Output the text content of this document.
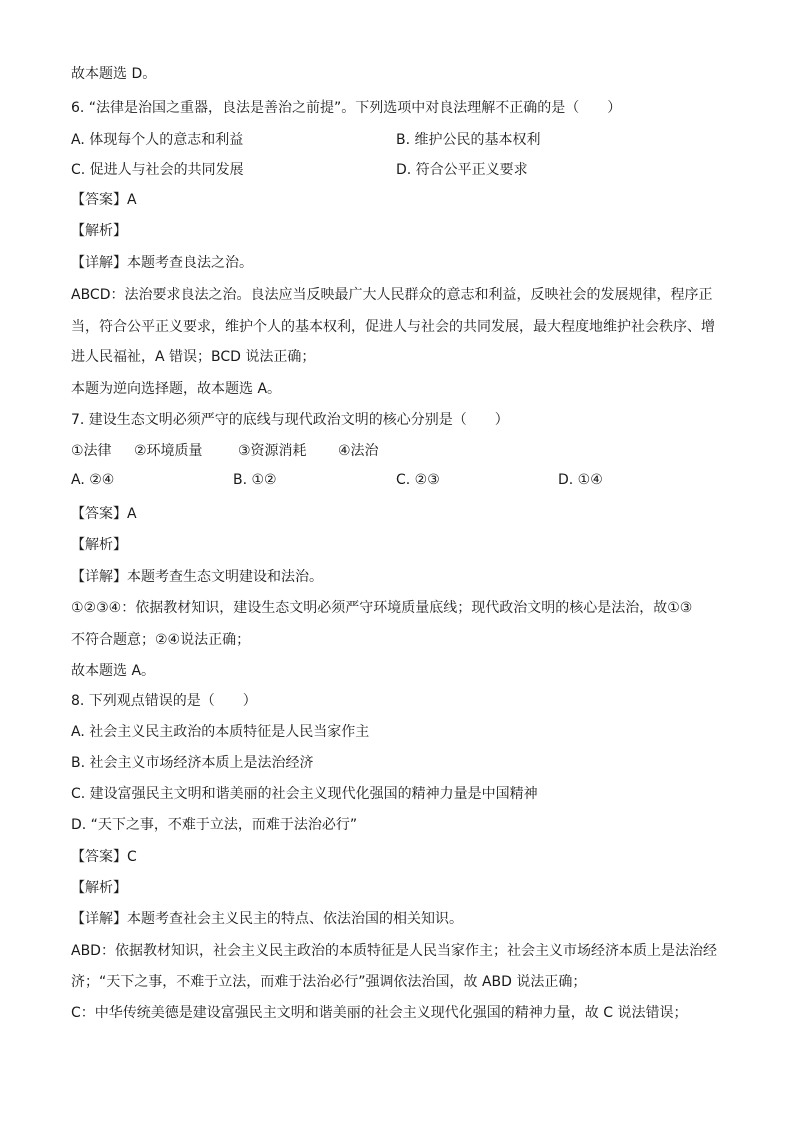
故本题选 D。
6. “法律是治国之重器，良法是善治之前提”。下列选项中对良法理解不正确的是（　　）
A. 体现每个人的意志和利益	B. 维护公民的基本权利
C. 促进人与社会的共同发展	D. 符合公平正义要求
【答案】A
【解析】
【详解】本题考查良法之治。
ABCD：法治要求良法之治。良法应当反映最广大人民群众的意志和利益，反映社会的发展规律，程序正
当，符合公平正义要求，维护个人的基本权利，促进人与社会的共同发展，最大程度地维护社会秩序、增
进人民福祉，A 错误；BCD 说法正确；
本题为逆向选择题，故本题选 A。
7. 建设生态文明必须严守的底线与现代政治文明的核心分别是（　　）
①法律 ②环境质量	③资源消耗 ④法治
A. ②④	B. ①②	C. ②③	D. ①④
【答案】A
【解析】
【详解】本题考查生态文明建设和法治。
①②③④：依据教材知识，建设生态文明必须严守环境质量底线；现代政治文明的核心是法治，故①③
不符合题意；②④说法正确；
故本题选 A。
8. 下列观点错误的是（　　）
A. 社会主义民主政治的本质特征是人民当家作主
B. 社会主义市场经济本质上是法治经济
C. 建设富强民主文明和谐美丽的社会主义现代化强国的精神力量是中国精神
D. “天下之事，不难于立法，而难于法治必行”
【答案】C
【解析】
【详解】本题考查社会主义民主的特点、依法治国的相关知识。
ABD：依据教材知识，社会主义民主政治的本质特征是人民当家作主；社会主义市场经济本质上是法治经
济；“天下之事，不难于立法，而难于法治必行”强调依法治国，故 ABD 说法正确；
C：中华传统美德是建设富强民主文明和谐美丽的社会主义现代化强国的精神力量，故 C 说法错误；
